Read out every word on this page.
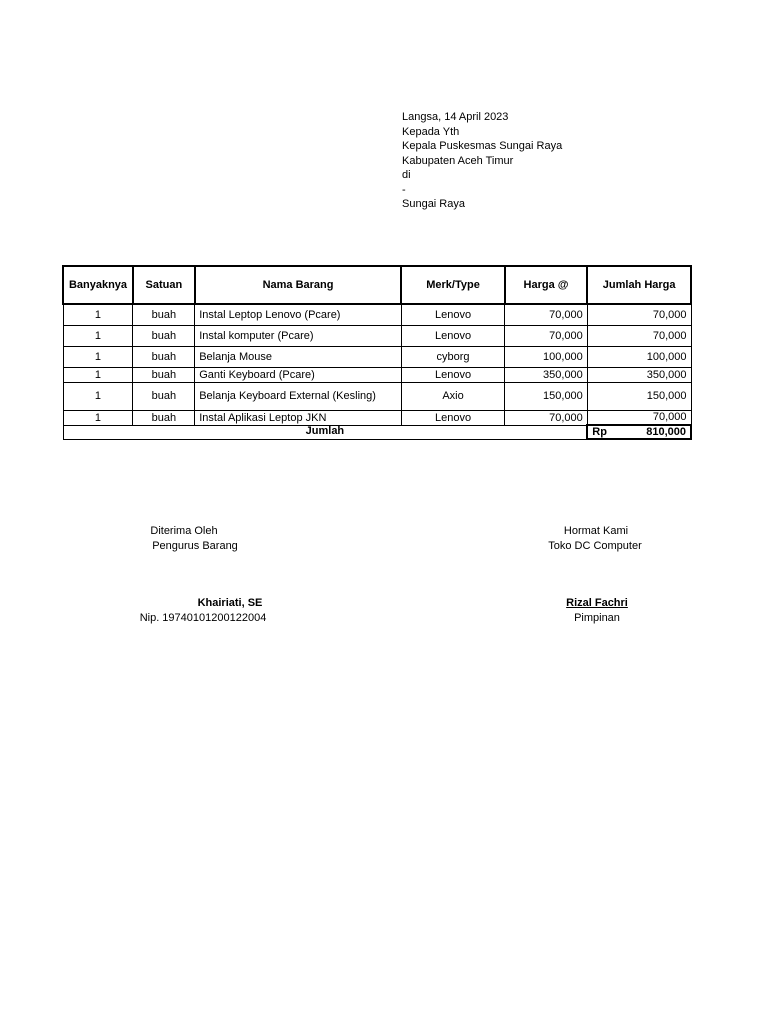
Langsa, 14 April 2023
Kepada Yth
Kepala Puskesmas Sungai Raya
Kabupaten Aceh Timur
di
-
Sungai Raya
Banyaknya	Satuan	Nama Barang	Merk/Type	Harga @	Jumlah Harga
1	buah	Instal Leptop Lenovo (Pcare)	Lenovo	70,000	70,000
1	buah	Instal komputer (Pcare)	Lenovo	70,000	70,000
1	buah	Belanja Mouse	cyborg	100,000	100,000
1	buah	Ganti Keyboard (Pcare)	Lenovo	350,000	350,000
1	buah	Belanja Keyboard External (Kesling)	Axio	150,000	150,000
1	buah	Instal Aplikasi Leptop JKN	Lenovo	70,000	70,000
Jumlah					Rp 810,000
Diterima Oleh
Pengurus Barang
Khairiati, SE
Nip. 19740101200122004
Hormat Kami
Toko DC Computer
Rizal Fachri
Pimpinan
